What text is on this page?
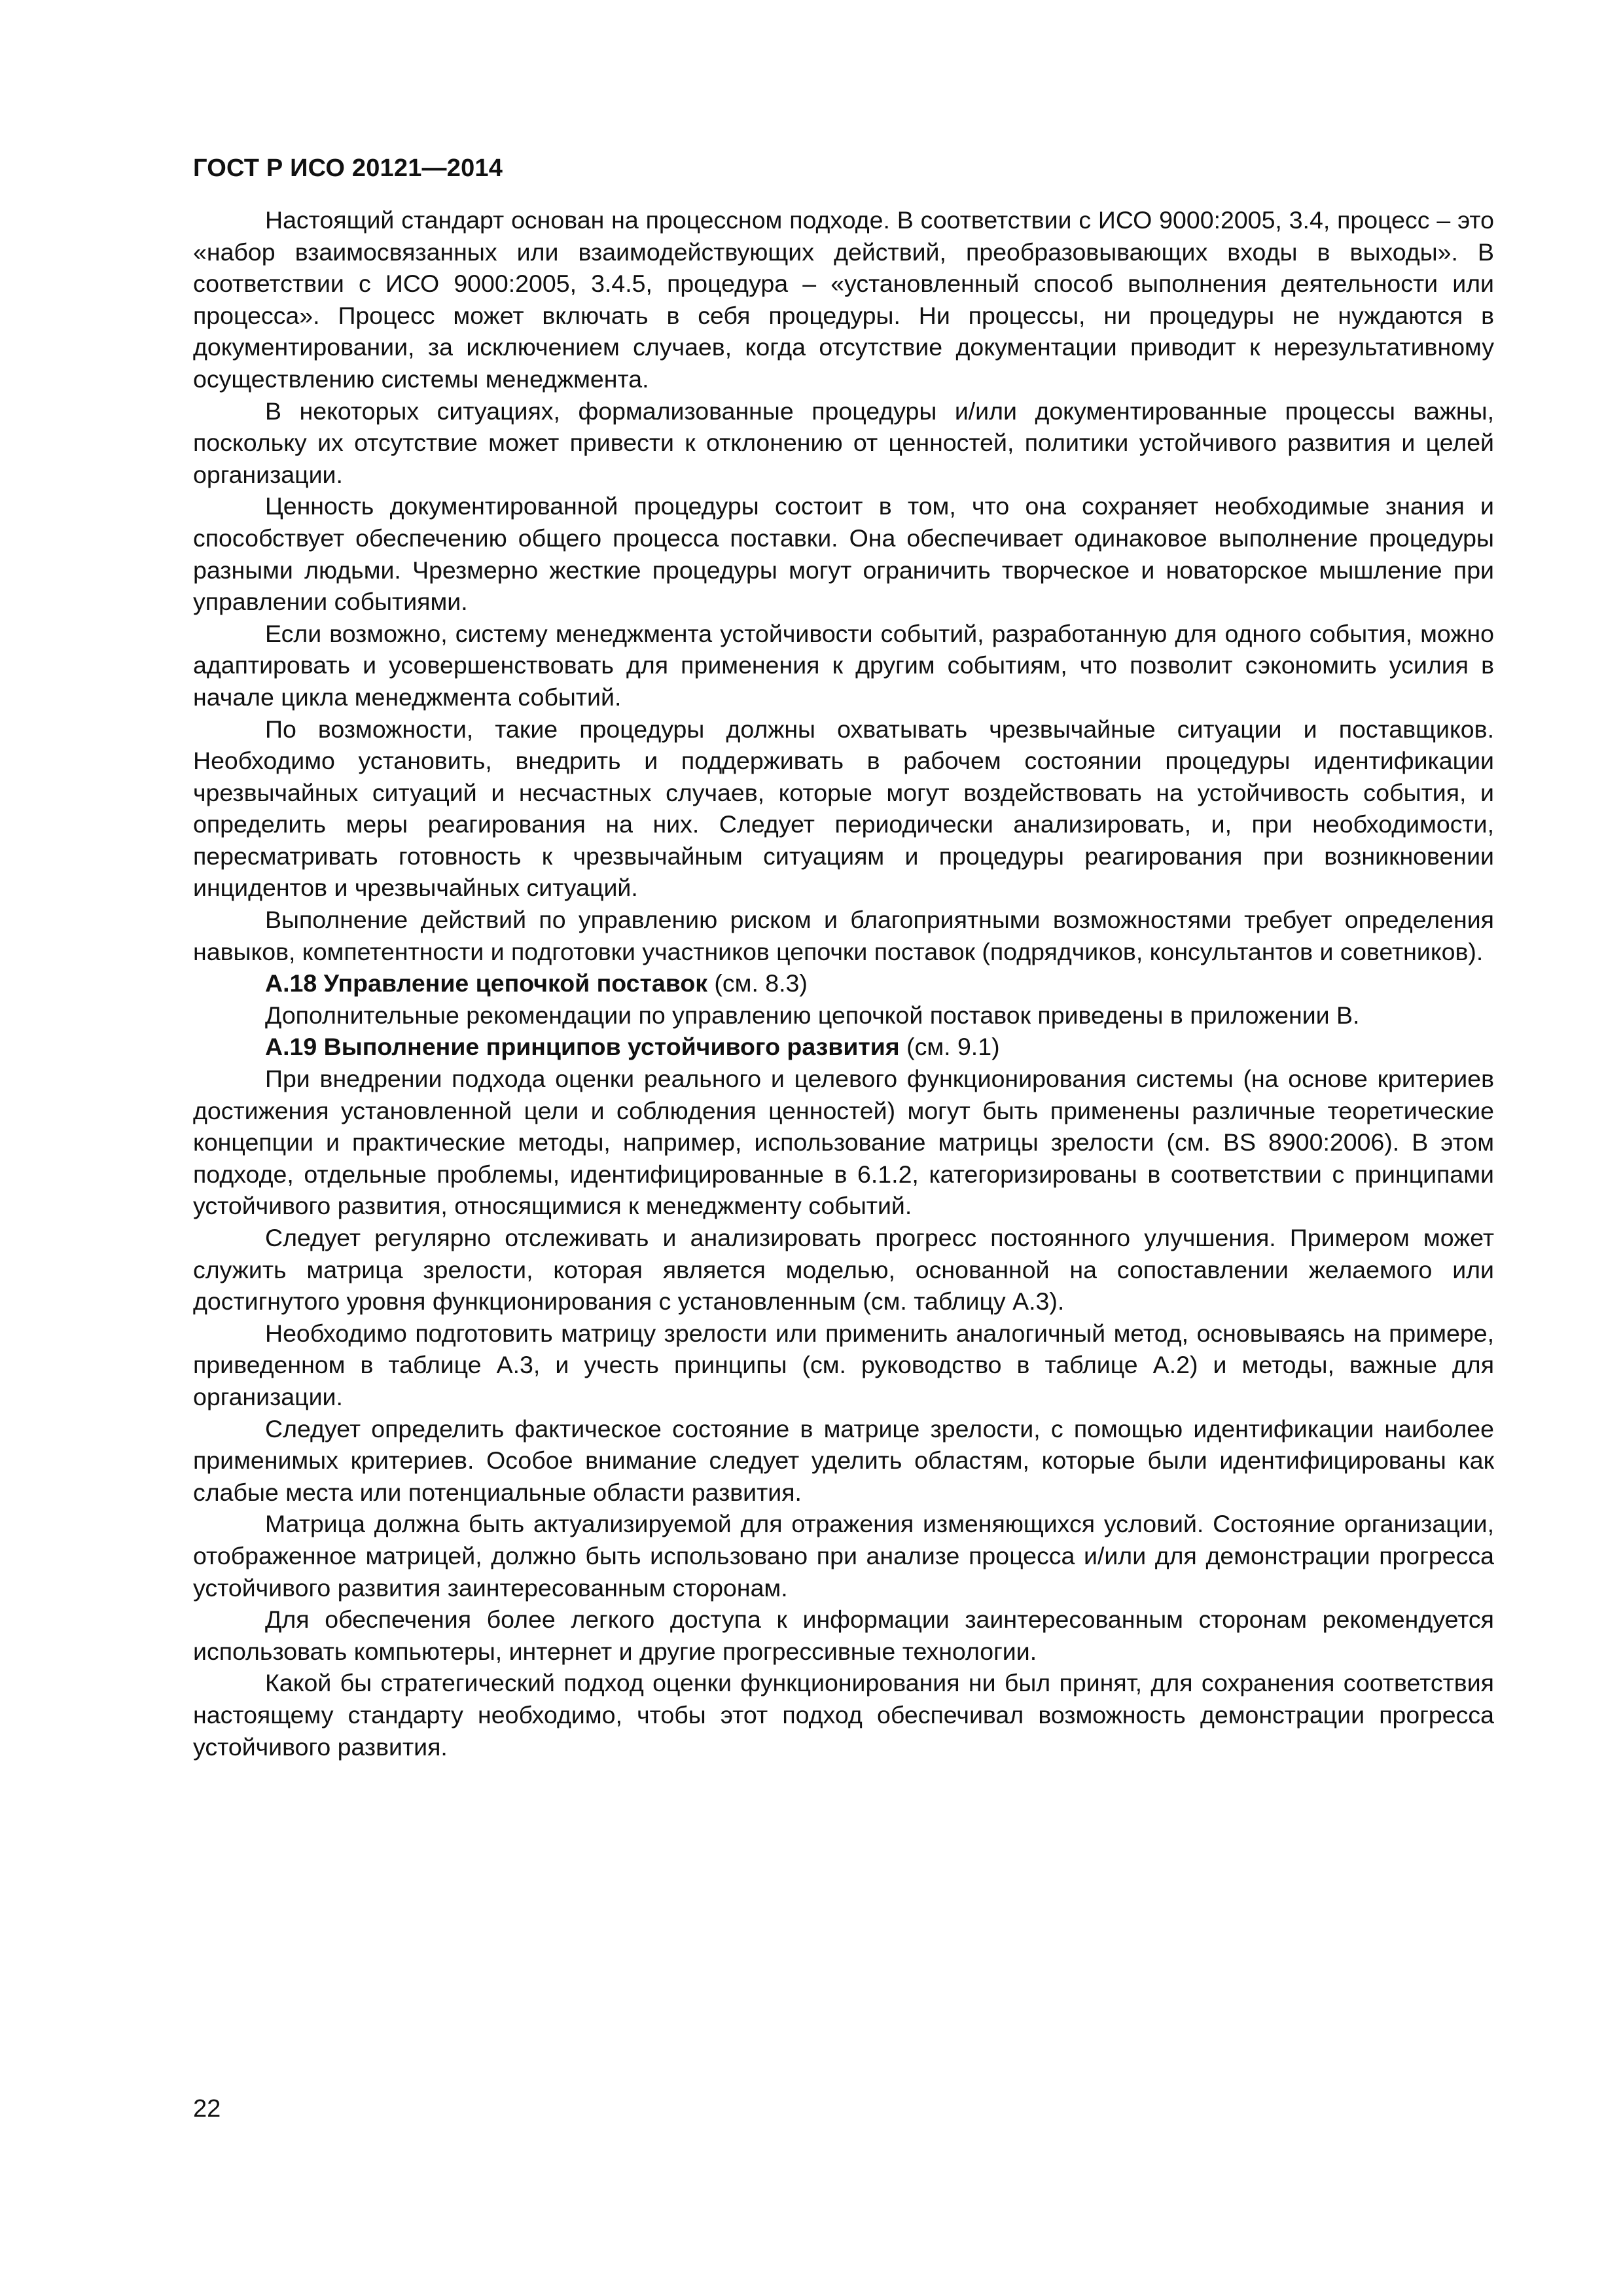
ГОСТ Р ИСО 20121—2014

Настоящий стандарт основан на процессном подходе. В соответствии с ИСО 9000:2005, 3.4, процесс – это «набор взаимосвязанных или взаимодействующих действий, преобразовывающих входы в выходы». В соответствии с ИСО 9000:2005, 3.4.5, процедура – «установленный способ выполнения деятельности или процесса». Процесс может включать в себя процедуры. Ни процессы, ни процедуры не нуждаются в документировании, за исключением случаев, когда отсутствие документации приводит к нерезультативному осуществлению системы менеджмента.

В некоторых ситуациях, формализованные процедуры и/или документированные процессы важны, поскольку их отсутствие может привести к отклонению от ценностей, политики устойчивого развития и целей организации.

Ценность документированной процедуры состоит в том, что она сохраняет необходимые знания и способствует обеспечению общего процесса поставки. Она обеспечивает одинаковое выполнение процедуры разными людьми. Чрезмерно жесткие процедуры могут ограничить творческое и новаторское мышление при управлении событиями.

Если возможно, систему менеджмента устойчивости событий, разработанную для одного события, можно адаптировать и усовершенствовать для применения к другим событиям, что позволит сэкономить усилия в начале цикла менеджмента событий.

По возможности, такие процедуры должны охватывать чрезвычайные ситуации и поставщиков. Необходимо установить, внедрить и поддерживать в рабочем состоянии процедуры идентификации чрезвычайных ситуаций и несчастных случаев, которые могут воздействовать на устойчивость события, и определить меры реагирования на них. Следует периодически анализировать, и, при необходимости, пересматривать готовность к чрезвычайным ситуациям и процедуры реагирования при возникновении инцидентов и чрезвычайных ситуаций.

Выполнение действий по управлению риском и благоприятными возможностями требует определения навыков, компетентности и подготовки участников цепочки поставок (подрядчиков, консультантов и советников).

А.18 Управление цепочкой поставок (см. 8.3)

Дополнительные рекомендации по управлению цепочкой поставок приведены в приложении В.

А.19 Выполнение принципов устойчивого развития (см. 9.1)

При внедрении подхода оценки реального и целевого функционирования системы (на основе критериев достижения установленной цели и соблюдения ценностей) могут быть применены различные теоретические концепции и практические методы, например, использование матрицы зрелости (см. BS 8900:2006). В этом подходе, отдельные проблемы, идентифицированные в 6.1.2, категоризированы в соответствии с принципами устойчивого развития, относящимися к менеджменту событий.

Следует регулярно отслеживать и анализировать прогресс постоянного улучшения. Примером может служить матрица зрелости, которая является моделью, основанной на сопоставлении желаемого или достигнутого уровня функционирования с установленным (см. таблицу А.3).

Необходимо подготовить матрицу зрелости или применить аналогичный метод, основываясь на примере, приведенном в таблице А.3, и учесть принципы (см. руководство в таблице А.2) и методы, важные для организации.

Следует определить фактическое состояние в матрице зрелости, с помощью идентификации наиболее применимых критериев. Особое внимание следует уделить областям, которые были идентифицированы как слабые места или потенциальные области развития.

Матрица должна быть актуализируемой для отражения изменяющихся условий. Состояние организации, отображенное матрицей, должно быть использовано при анализе процесса и/или для демонстрации прогресса устойчивого развития заинтересованным сторонам.

Для обеспечения более легкого доступа к информации заинтересованным сторонам рекомендуется использовать компьютеры, интернет и другие прогрессивные технологии.

Какой бы стратегический подход оценки функционирования ни был принят, для сохранения соответствия настоящему стандарту необходимо, чтобы этот подход обеспечивал возможность демонстрации прогресса устойчивого развития.

22
